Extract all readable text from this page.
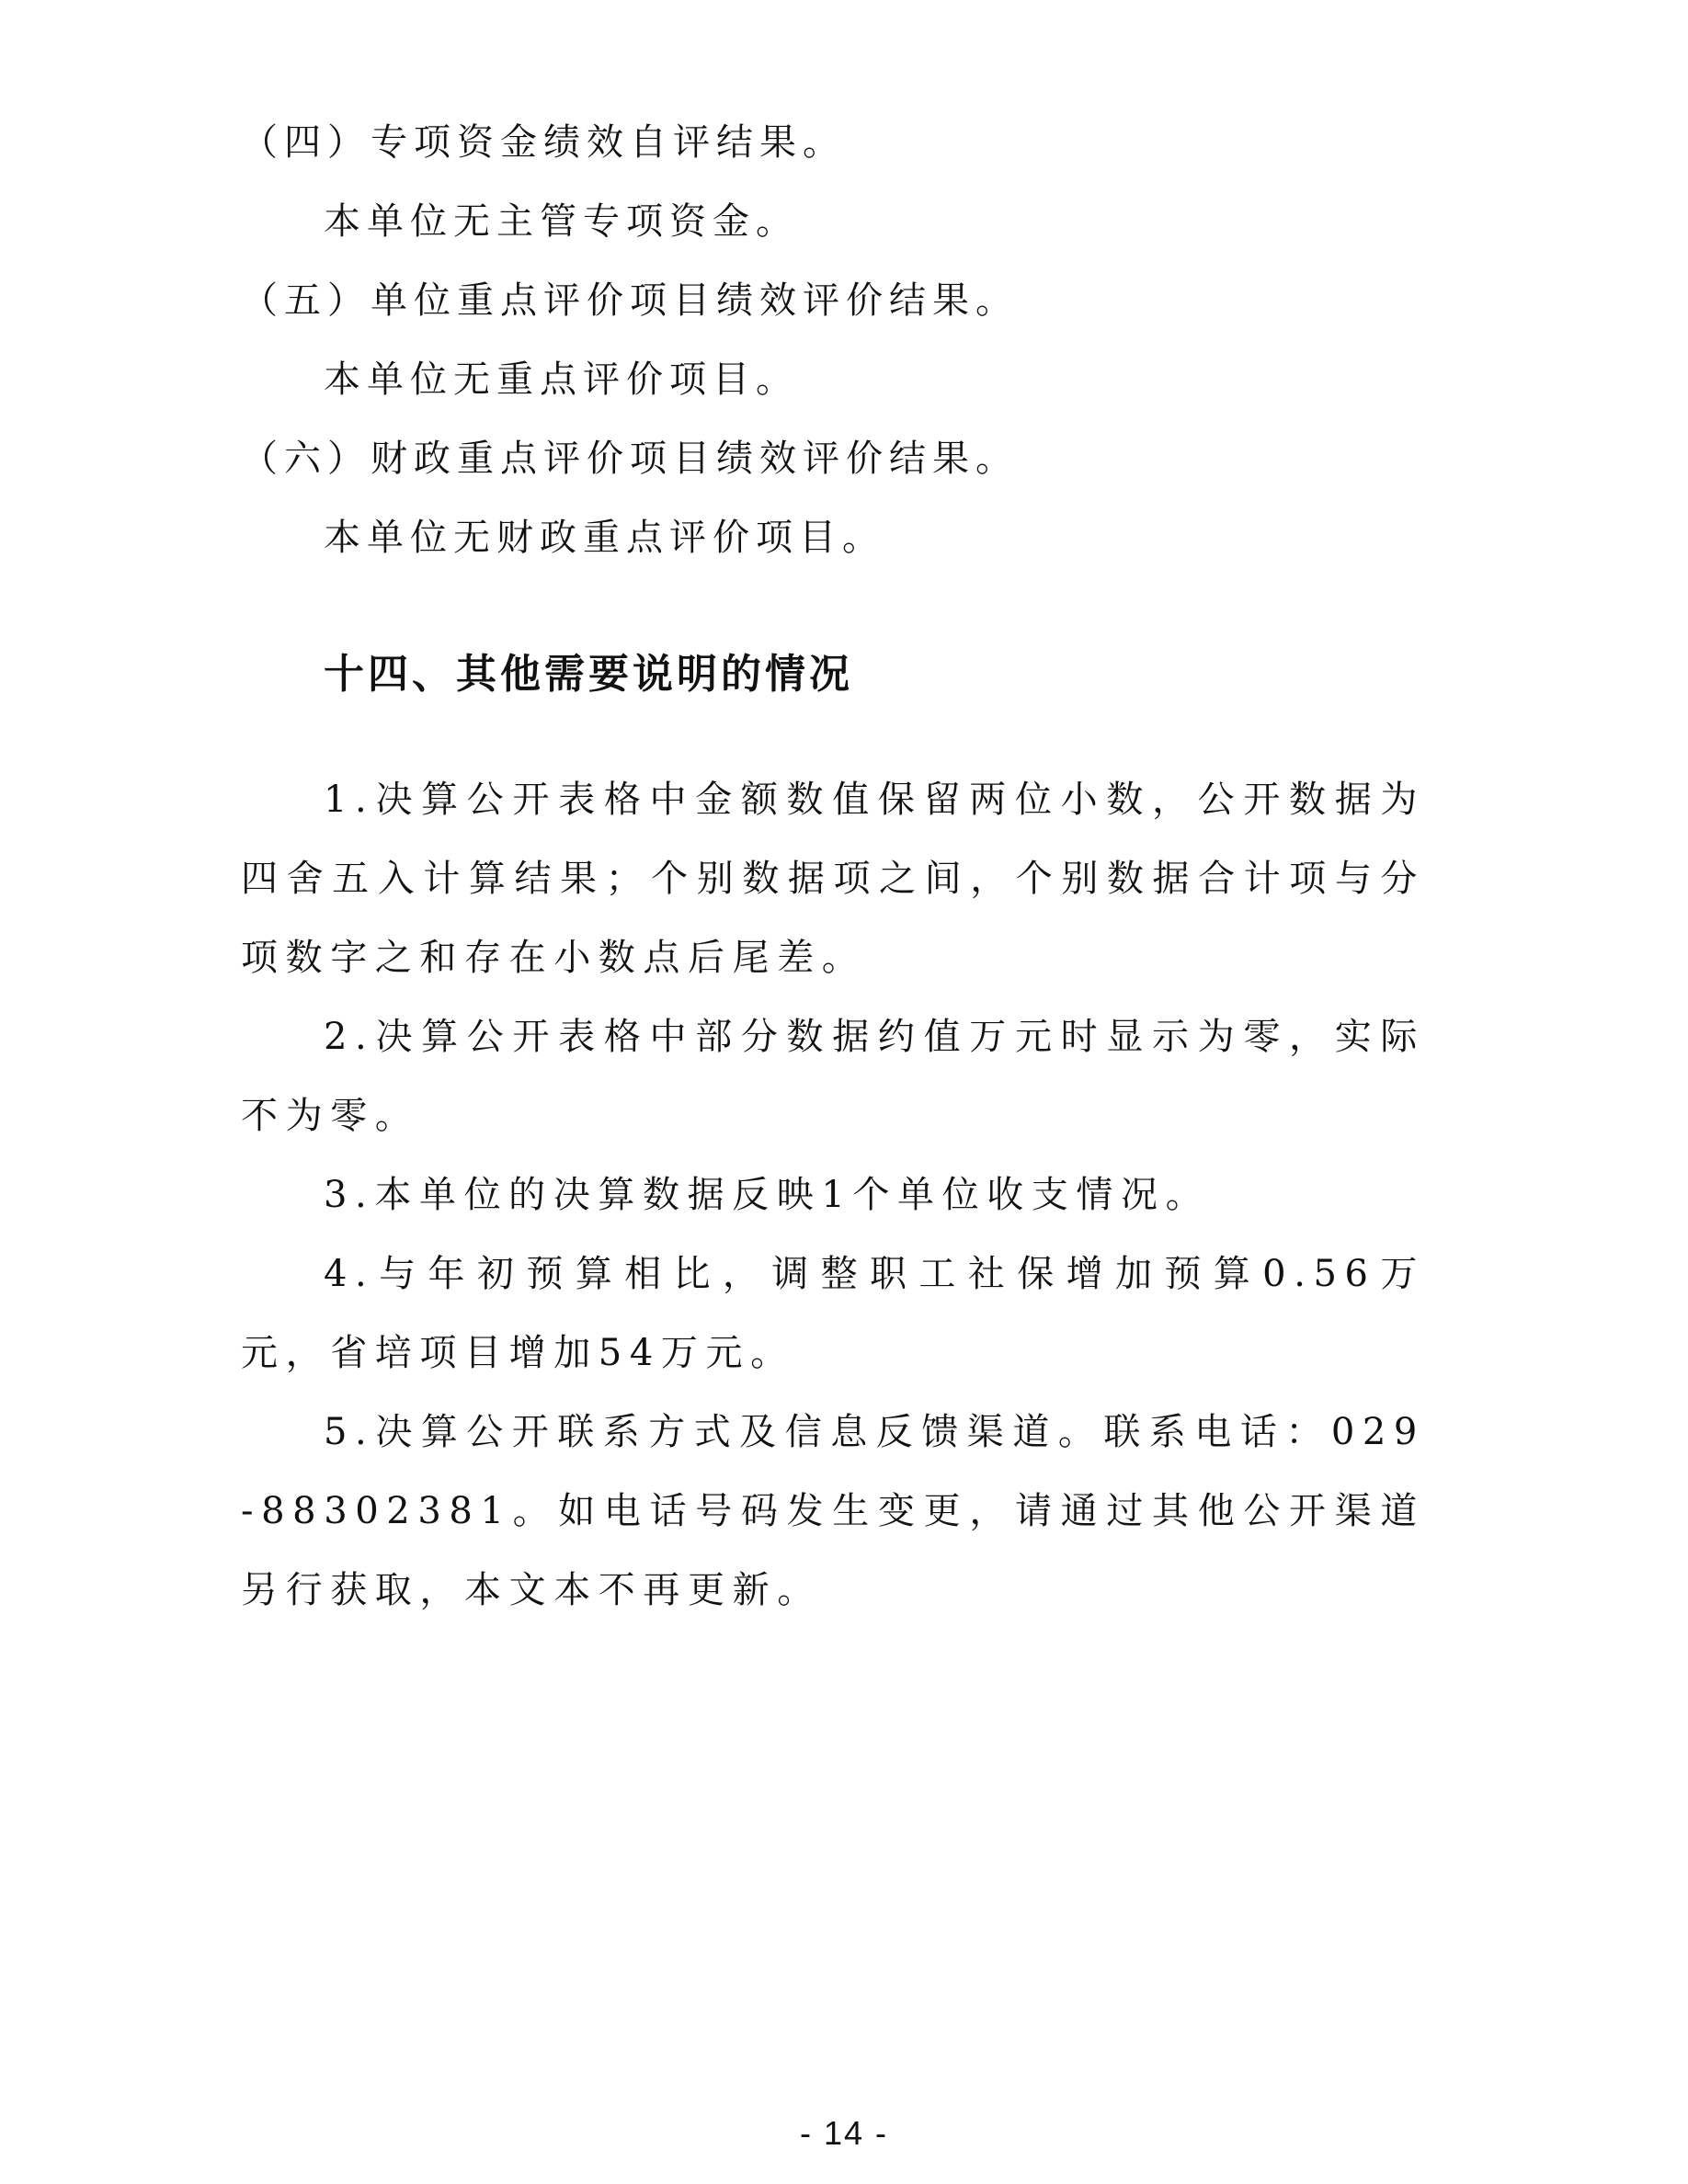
（四）专项资金绩效自评结果。
本单位无主管专项资金。
（五）单位重点评价项目绩效评价结果。
本单位无重点评价项目。
（六）财政重点评价项目绩效评价结果。
本单位无财政重点评价项目。
十四、其他需要说明的情况
1.决算公开表格中金额数值保留两位小数，公开数据为四舍五入计算结果；个别数据项之间，个别数据合计项与分项数字之和存在小数点后尾差。
2.决算公开表格中部分数据约值万元时显示为零，实际不为零。
3.本单位的决算数据反映1个单位收支情况。
4.与年初预算相比，调整职工社保增加预算0.56万元，省培项目增加54万元。
5.决算公开联系方式及信息反馈渠道。联系电话：029-88302381。如电话号码发生变更，请通过其他公开渠道另行获取，本文本不再更新。
- 14 -
